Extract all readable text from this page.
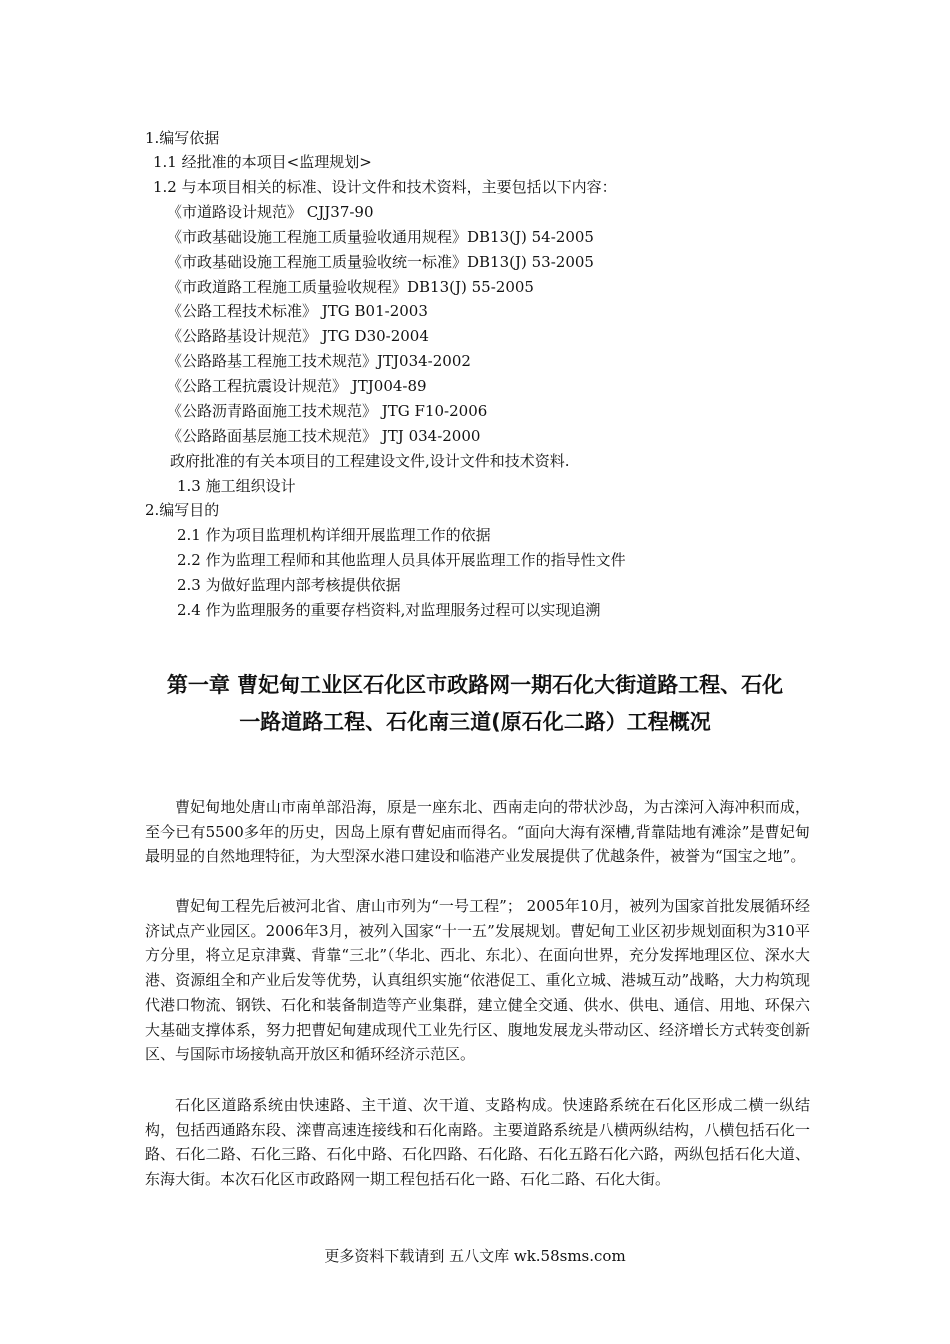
1.编写依据
1.1 经批准的本项目<监理规划>
1.2 与本项目相关的标准、设计文件和技术资料，主要包括以下内容：
《市道路设计规范》 CJJ37-90
《市政基础设施工程施工质量验收通用规程》DB13(J) 54-2005
《市政基础设施工程施工质量验收统一标准》DB13(J) 53-2005
《市政道路工程施工质量验收规程》DB13(J) 55-2005
《公路工程技术标准》 JTG B01-2003
《公路路基设计规范》 JTG D30-2004
《公路路基工程施工技术规范》JTJ034-2002
《公路工程抗震设计规范》 JTJ004-89
《公路沥青路面施工技术规范》 JTG F10-2006
《公路路面基层施工技术规范》 JTJ 034-2000
政府批准的有关本项目的工程建设文件,设计文件和技术资料.
1.3 施工组织设计
2.编写目的
2.1 作为项目监理机构详细开展监理工作的依据
2.2 作为监理工程师和其他监理人员具体开展监理工作的指导性文件
2.3 为做好监理内部考核提供依据
2.4 作为监理服务的重要存档资料,对监理服务过程可以实现追溯
第一章 曹妃甸工业区石化区市政路网一期石化大街道路工程、石化
一路道路工程、石化南三道(原石化二路）工程概况

曹妃甸地处唐山市南单部沿海，原是一座东北、西南走向的带状沙岛，为古滦河入海冲积而成，至今已有5500多年的历史，因岛上原有曹妃庙而得名。“面向大海有深槽,背靠陆地有滩涂”是曹妃甸最明显的自然地理特征，为大型深水港口建设和临港产业发展提供了优越条件，被誉为“国宝之地”。

曹妃甸工程先后被河北省、唐山市列为“一号工程”； 2005年10月，被列为国家首批发展循环经济试点产业园区。2006年3月，被列入国家“十一五”发展规划。曹妃甸工业区初步规划面积为310平方分里，将立足京津冀、背靠“三北”（华北、西北、东北）、在面向世界，充分发挥地理区位、深水大港、资源组全和产业后发等优势，认真组织实施“依港促工、重化立城、港城互动”战略，大力构筑现代港口物流、钢铁、石化和装备制造等产业集群，建立健全交通、供水、供电、通信、用地、环保六大基础支撑体系，努力把曹妃甸建成现代工业先行区、腹地发展龙头带动区、经济增长方式转变创新区、与国际市场接轨高开放区和循环经济示范区。

石化区道路系统由快速路、主干道、次干道、支路构成。快速路系统在石化区形成二横一纵结构，包括西通路东段、滦曹高速连接线和石化南路。主要道路系统是八横两纵结构，八横包括石化一路、石化二路、石化三路、石化中路、石化四路、石化路、石化五路石化六路，两纵包括石化大道、东海大街。本次石化区市政路网一期工程包括石化一路、石化二路、石化大街。

更多资料下载请到 五八文库 wk.58sms.com
